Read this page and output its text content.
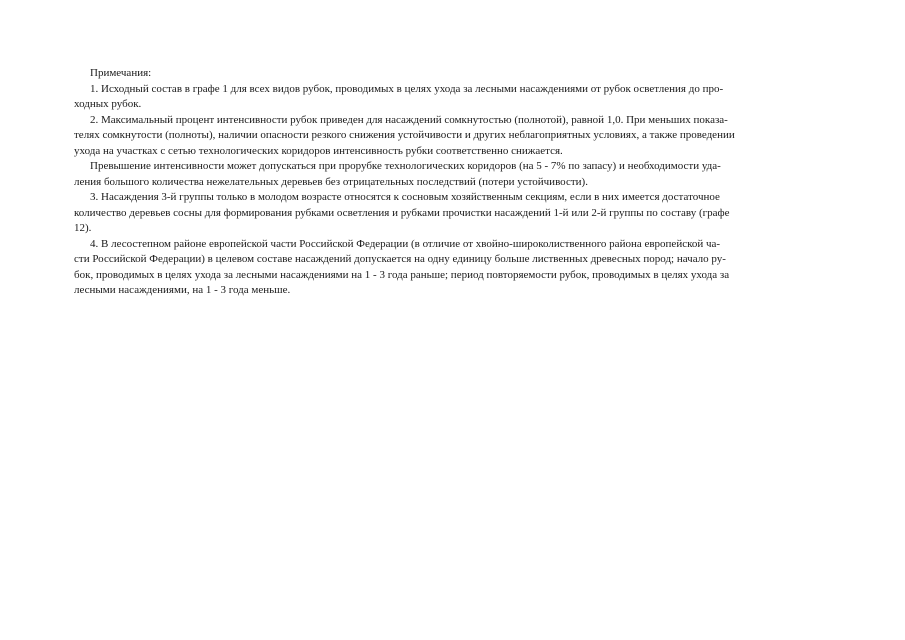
Примечания:
1. Исходный состав в графе 1 для всех видов рубок, проводимых в целях ухода за лесными насаждениями от рубок осветления до про-
ходных рубок.
2. Максимальный процент интенсивности рубок приведен для насаждений сомкнутостью (полнотой), равной 1,0. При меньших показа-
телях сомкнутости (полноты), наличии опасности резкого снижения устойчивости и других неблагоприятных условиях, а также проведении
ухода на участках с сетью технологических коридоров интенсивность рубки соответственно снижается.
Превышение интенсивности может допускаться при прорубке технологических коридоров (на 5 - 7% по запасу) и необходимости уда-
ления большого количества нежелательных деревьев без отрицательных последствий (потери устойчивости).
3. Насаждения 3-й группы только в молодом возрасте относятся к сосновым хозяйственным секциям, если в них имеется достаточное
количество деревьев сосны для формирования рубками осветления и рубками прочистки насаждений 1-й или 2-й группы по составу (графе
12).
4. В лесостепном районе европейской части Российской Федерации (в отличие от хвойно-широколиственного района европейской ча-
сти Российской Федерации) в целевом составе насаждений допускается на одну единицу больше лиственных древесных пород; начало ру-
бок, проводимых в целях ухода за лесными насаждениями на 1 - 3 года раньше; период повторяемости рубок, проводимых в целях ухода за
лесными насаждениями, на 1 - 3 года меньше.
